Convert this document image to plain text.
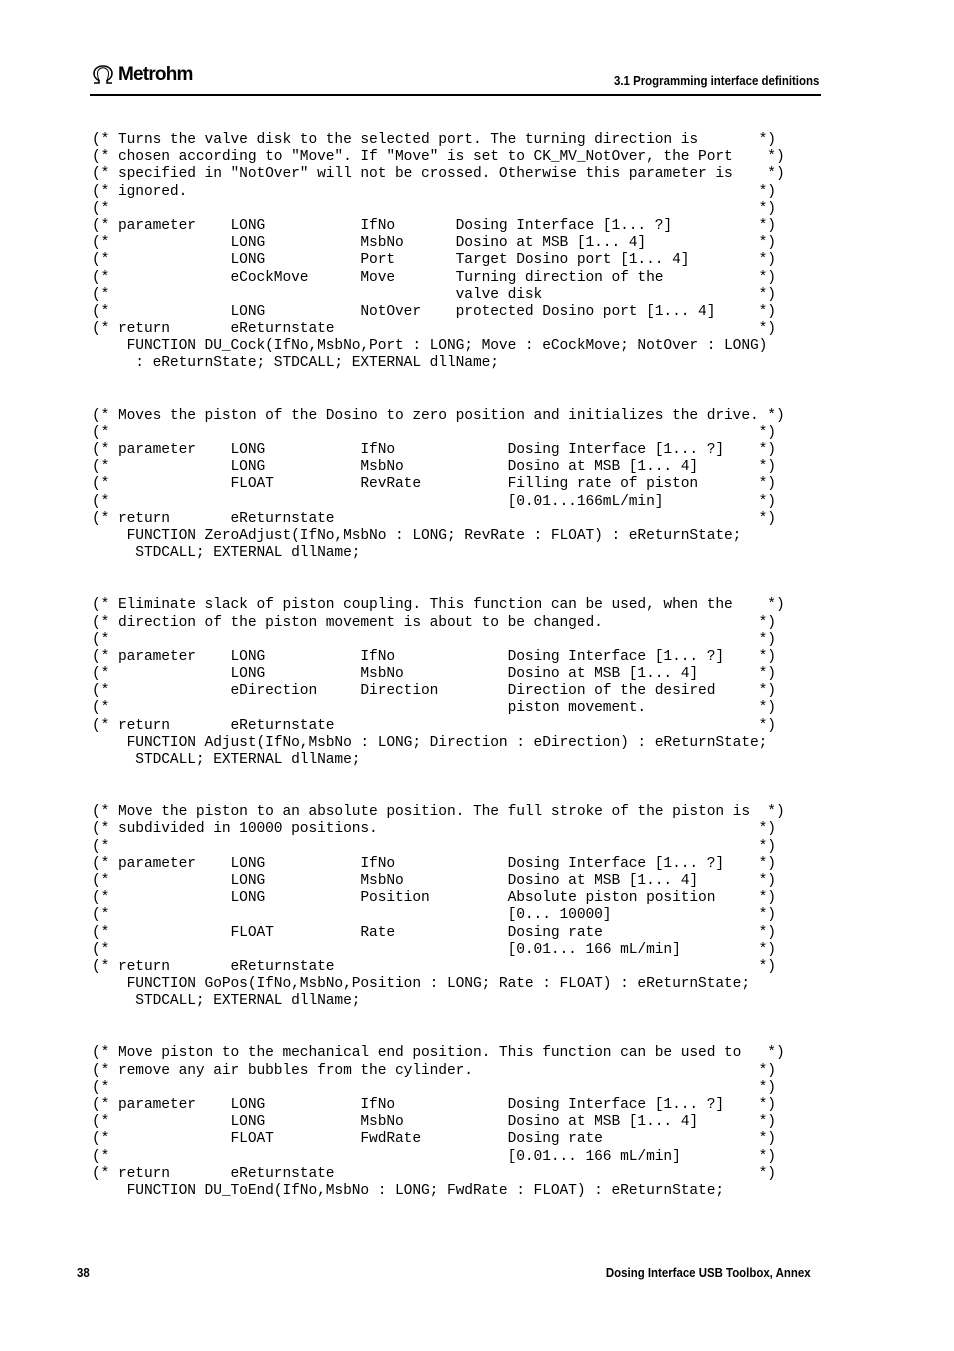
Metrohm	3.1 Programming interface definitions
(* Turns the valve disk to the selected port. The turning direction is       *)
(* chosen according to "Move". If "Move" is set to CK_MV_NotOver, the Port    *)
(* specified in "NotOver" will not be crossed. Otherwise this parameter is    *)
(* ignored.                                                                  *)
(*                                                                           *)
(* parameter    LONG           IfNo       Dosing Interface [1... ?]          *)
(*              LONG           MsbNo      Dosino at MSB [1... 4]             *)
(*              LONG           Port       Target Dosino port [1... 4]        *)
(*              eCockMove      Move       Turning direction of the           *)
(*                                        valve disk                         *)
(*              LONG           NotOver    protected Dosino port [1... 4]     *)
(* return       eReturnstate                                                 *)
FUNCTION DU_Cock(IfNo,MsbNo,Port : LONG; Move : eCockMove; NotOver : LONG)
: eReturnState; STDCALL; EXTERNAL dllName;
(* Moves the piston of the Dosino to zero position and initializes the drive. *)
(*                                                                           *)
(* parameter    LONG           IfNo             Dosing Interface [1... ?]    *)
(*              LONG           MsbNo            Dosino at MSB [1... 4]       *)
(*              FLOAT          RevRate          Filling rate of piston       *)
(*                                              [0.01...166mL/min]           *)
(* return       eReturnstate                                                 *)
FUNCTION ZeroAdjust(IfNo,MsbNo : LONG; RevRate : FLOAT) : eReturnState;
STDCALL; EXTERNAL dllName;
(* Eliminate slack of piston coupling. This function can be used, when the    *)
(* direction of the piston movement is about to be changed.                  *)
(*                                                                           *)
(* parameter    LONG           IfNo             Dosing Interface [1... ?]    *)
(*              LONG           MsbNo            Dosino at MSB [1... 4]       *)
(*              eDirection     Direction        Direction of the desired     *)
(*                                              piston movement.             *)
(* return       eReturnstate                                                 *)
FUNCTION Adjust(IfNo,MsbNo : LONG; Direction : eDirection) : eReturnState;
STDCALL; EXTERNAL dllName;
(* Move the piston to an absolute position. The full stroke of the piston is  *)
(* subdivided in 10000 positions.                                            *)
(*                                                                           *)
(* parameter    LONG           IfNo             Dosing Interface [1... ?]    *)
(*              LONG           MsbNo            Dosino at MSB [1... 4]       *)
(*              LONG           Position         Absolute piston position     *)
(*                                              [0... 10000]                 *)
(*              FLOAT          Rate             Dosing rate                  *)
(*                                              [0.01... 166 mL/min]         *)
(* return       eReturnstate                                                 *)
FUNCTION GoPos(IfNo,MsbNo,Position : LONG; Rate : FLOAT) : eReturnState;
STDCALL; EXTERNAL dllName;
(* Move piston to the mechanical end position. This function can be used to   *)
(* remove any air bubbles from the cylinder.                                 *)
(*                                                                           *)
(* parameter    LONG           IfNo             Dosing Interface [1... ?]    *)
(*              LONG           MsbNo            Dosino at MSB [1... 4]       *)
(*              FLOAT          FwdRate          Dosing rate                  *)
(*                                              [0.01... 166 mL/min]         *)
(* return       eReturnstate                                                 *)
FUNCTION DU_ToEnd(IfNo,MsbNo : LONG; FwdRate : FLOAT) : eReturnState;
38	Dosing Interface USB Toolbox, Annex
